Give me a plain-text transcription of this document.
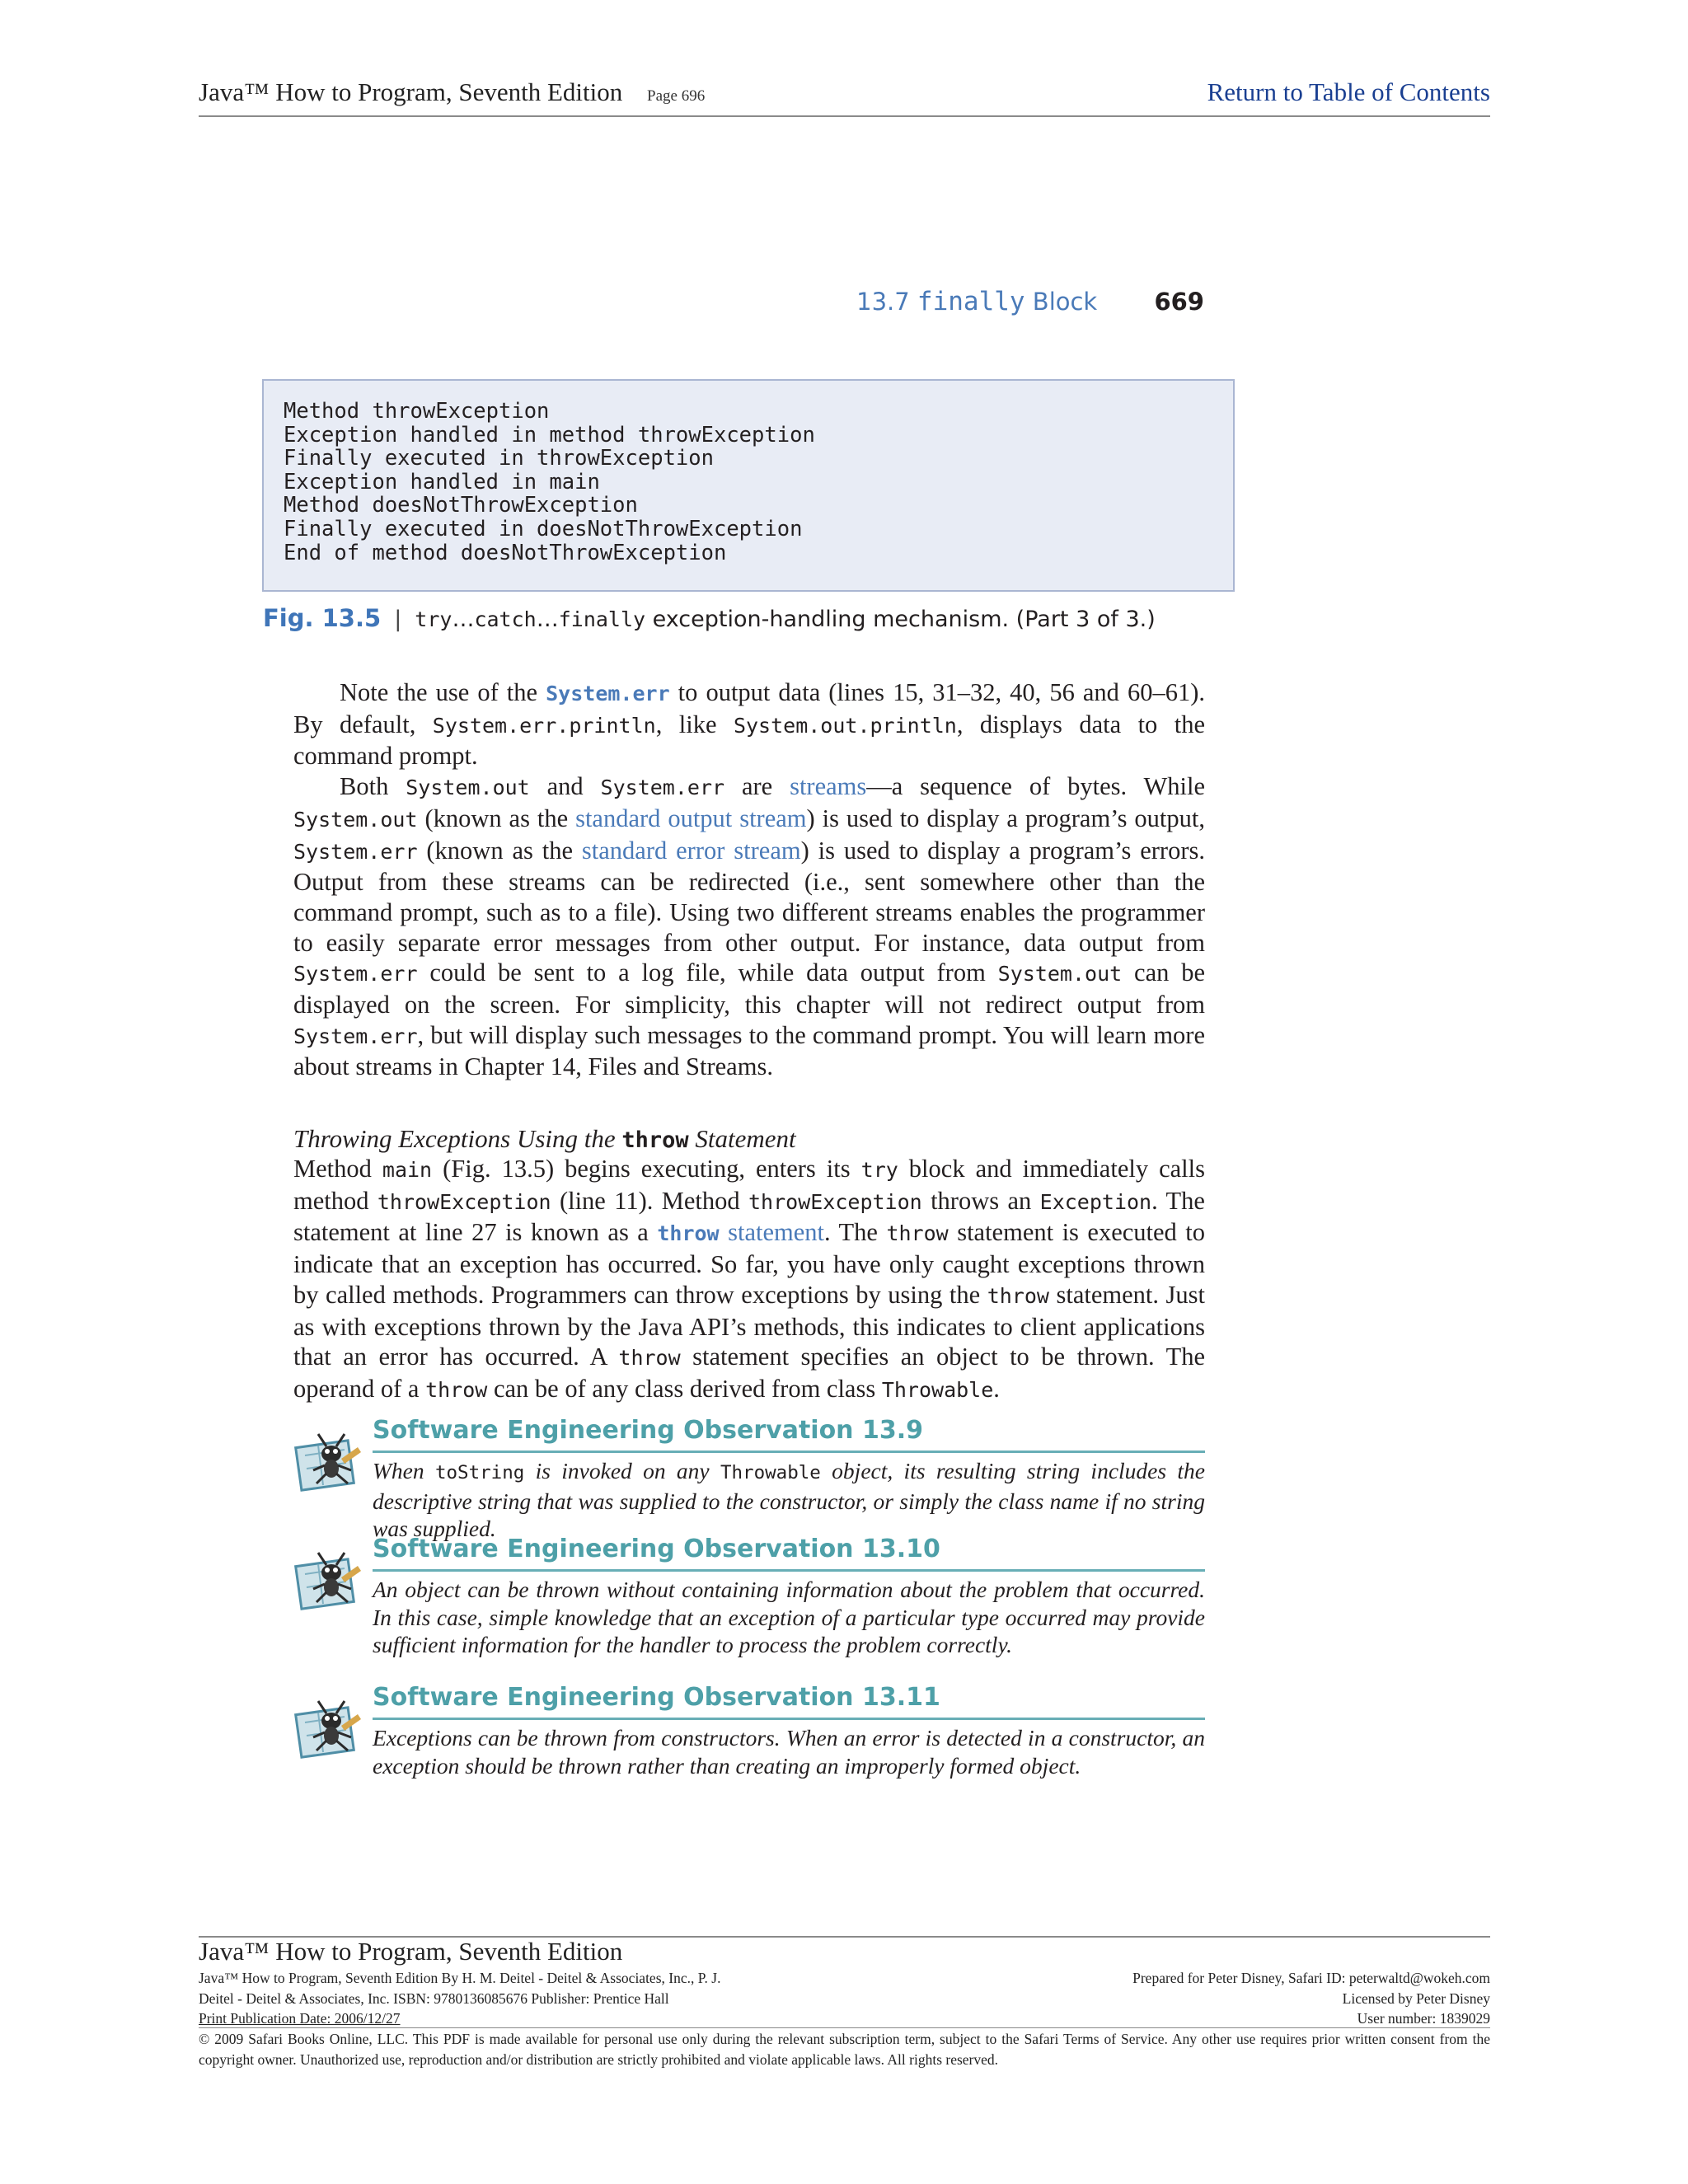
Java™ How to Program, Seventh Edition Page 696	Return to Table of Contents
13.7 finally Block 669
Method throwException
Exception handled in method throwException
Finally executed in throwException
Exception handled in main
Method doesNotThrowException
Finally executed in doesNotThrowException
End of method doesNotThrowException
Fig. 13.5 | try…catch…finally exception-handling mechanism. (Part 3 of 3.)

Note the use of the System.err to output data (lines 15, 31–32, 40, 56 and 60–61). By default, System.err.println, like System.out.println, displays data to the command prompt.

Both System.out and System.err are streams—a sequence of bytes. While System.out (known as the standard output stream) is used to display a program’s output, System.err (known as the standard error stream) is used to display a program’s errors. Output from these streams can be redirected (i.e., sent somewhere other than the command prompt, such as to a file). Using two different streams enables the programmer to easily separate error messages from other output. For instance, data output from System.err could be sent to a log file, while data output from System.out can be displayed on the screen. For simplicity, this chapter will not redirect output from System.err, but will display such messages to the command prompt. You will learn more about streams in Chapter 14, Files and Streams.

Throwing Exceptions Using the throw Statement

Method main (Fig. 13.5) begins executing, enters its try block and immediately calls method throwException (line 11). Method throwException throws an Exception. The statement at line 27 is known as a throw statement. The throw statement is executed to indicate that an exception has occurred. So far, you have only caught exceptions thrown by called methods. Programmers can throw exceptions by using the throw statement. Just as with exceptions thrown by the Java API’s methods, this indicates to client applications that an error has occurred. A throw statement specifies an object to be thrown. The operand of a throw can be of any class derived from class Throwable.

Software Engineering Observation 13.9

When toString is invoked on any Throwable object, its resulting string includes the descriptive string that was supplied to the constructor, or simply the class name if no string was supplied.

Software Engineering Observation 13.10

An object can be thrown without containing information about the problem that occurred. In this case, simple knowledge that an exception of a particular type occurred may provide sufficient information for the handler to process the problem correctly.

Software Engineering Observation 13.11

Exceptions can be thrown from constructors. When an error is detected in a constructor, an exception should be thrown rather than creating an improperly formed object.

Java™ How to Program, Seventh Edition
Java™ How to Program, Seventh Edition By H. M. Deitel - Deitel & Associates, Inc., P. J.
Deitel - Deitel & Associates, Inc. ISBN: 9780136085676 Publisher: Prentice Hall
Print Publication Date: 2006/12/27
Prepared for Peter Disney, Safari ID: peterwaltd@wokeh.com
Licensed by Peter Disney
User number: 1839029
© 2009 Safari Books Online, LLC. This PDF is made available for personal use only during the relevant subscription term, subject to the Safari Terms of Service. Any other use requires prior written consent from the copyright owner. Unauthorized use, reproduction and/or distribution are strictly prohibited and violate applicable laws. All rights reserved.
